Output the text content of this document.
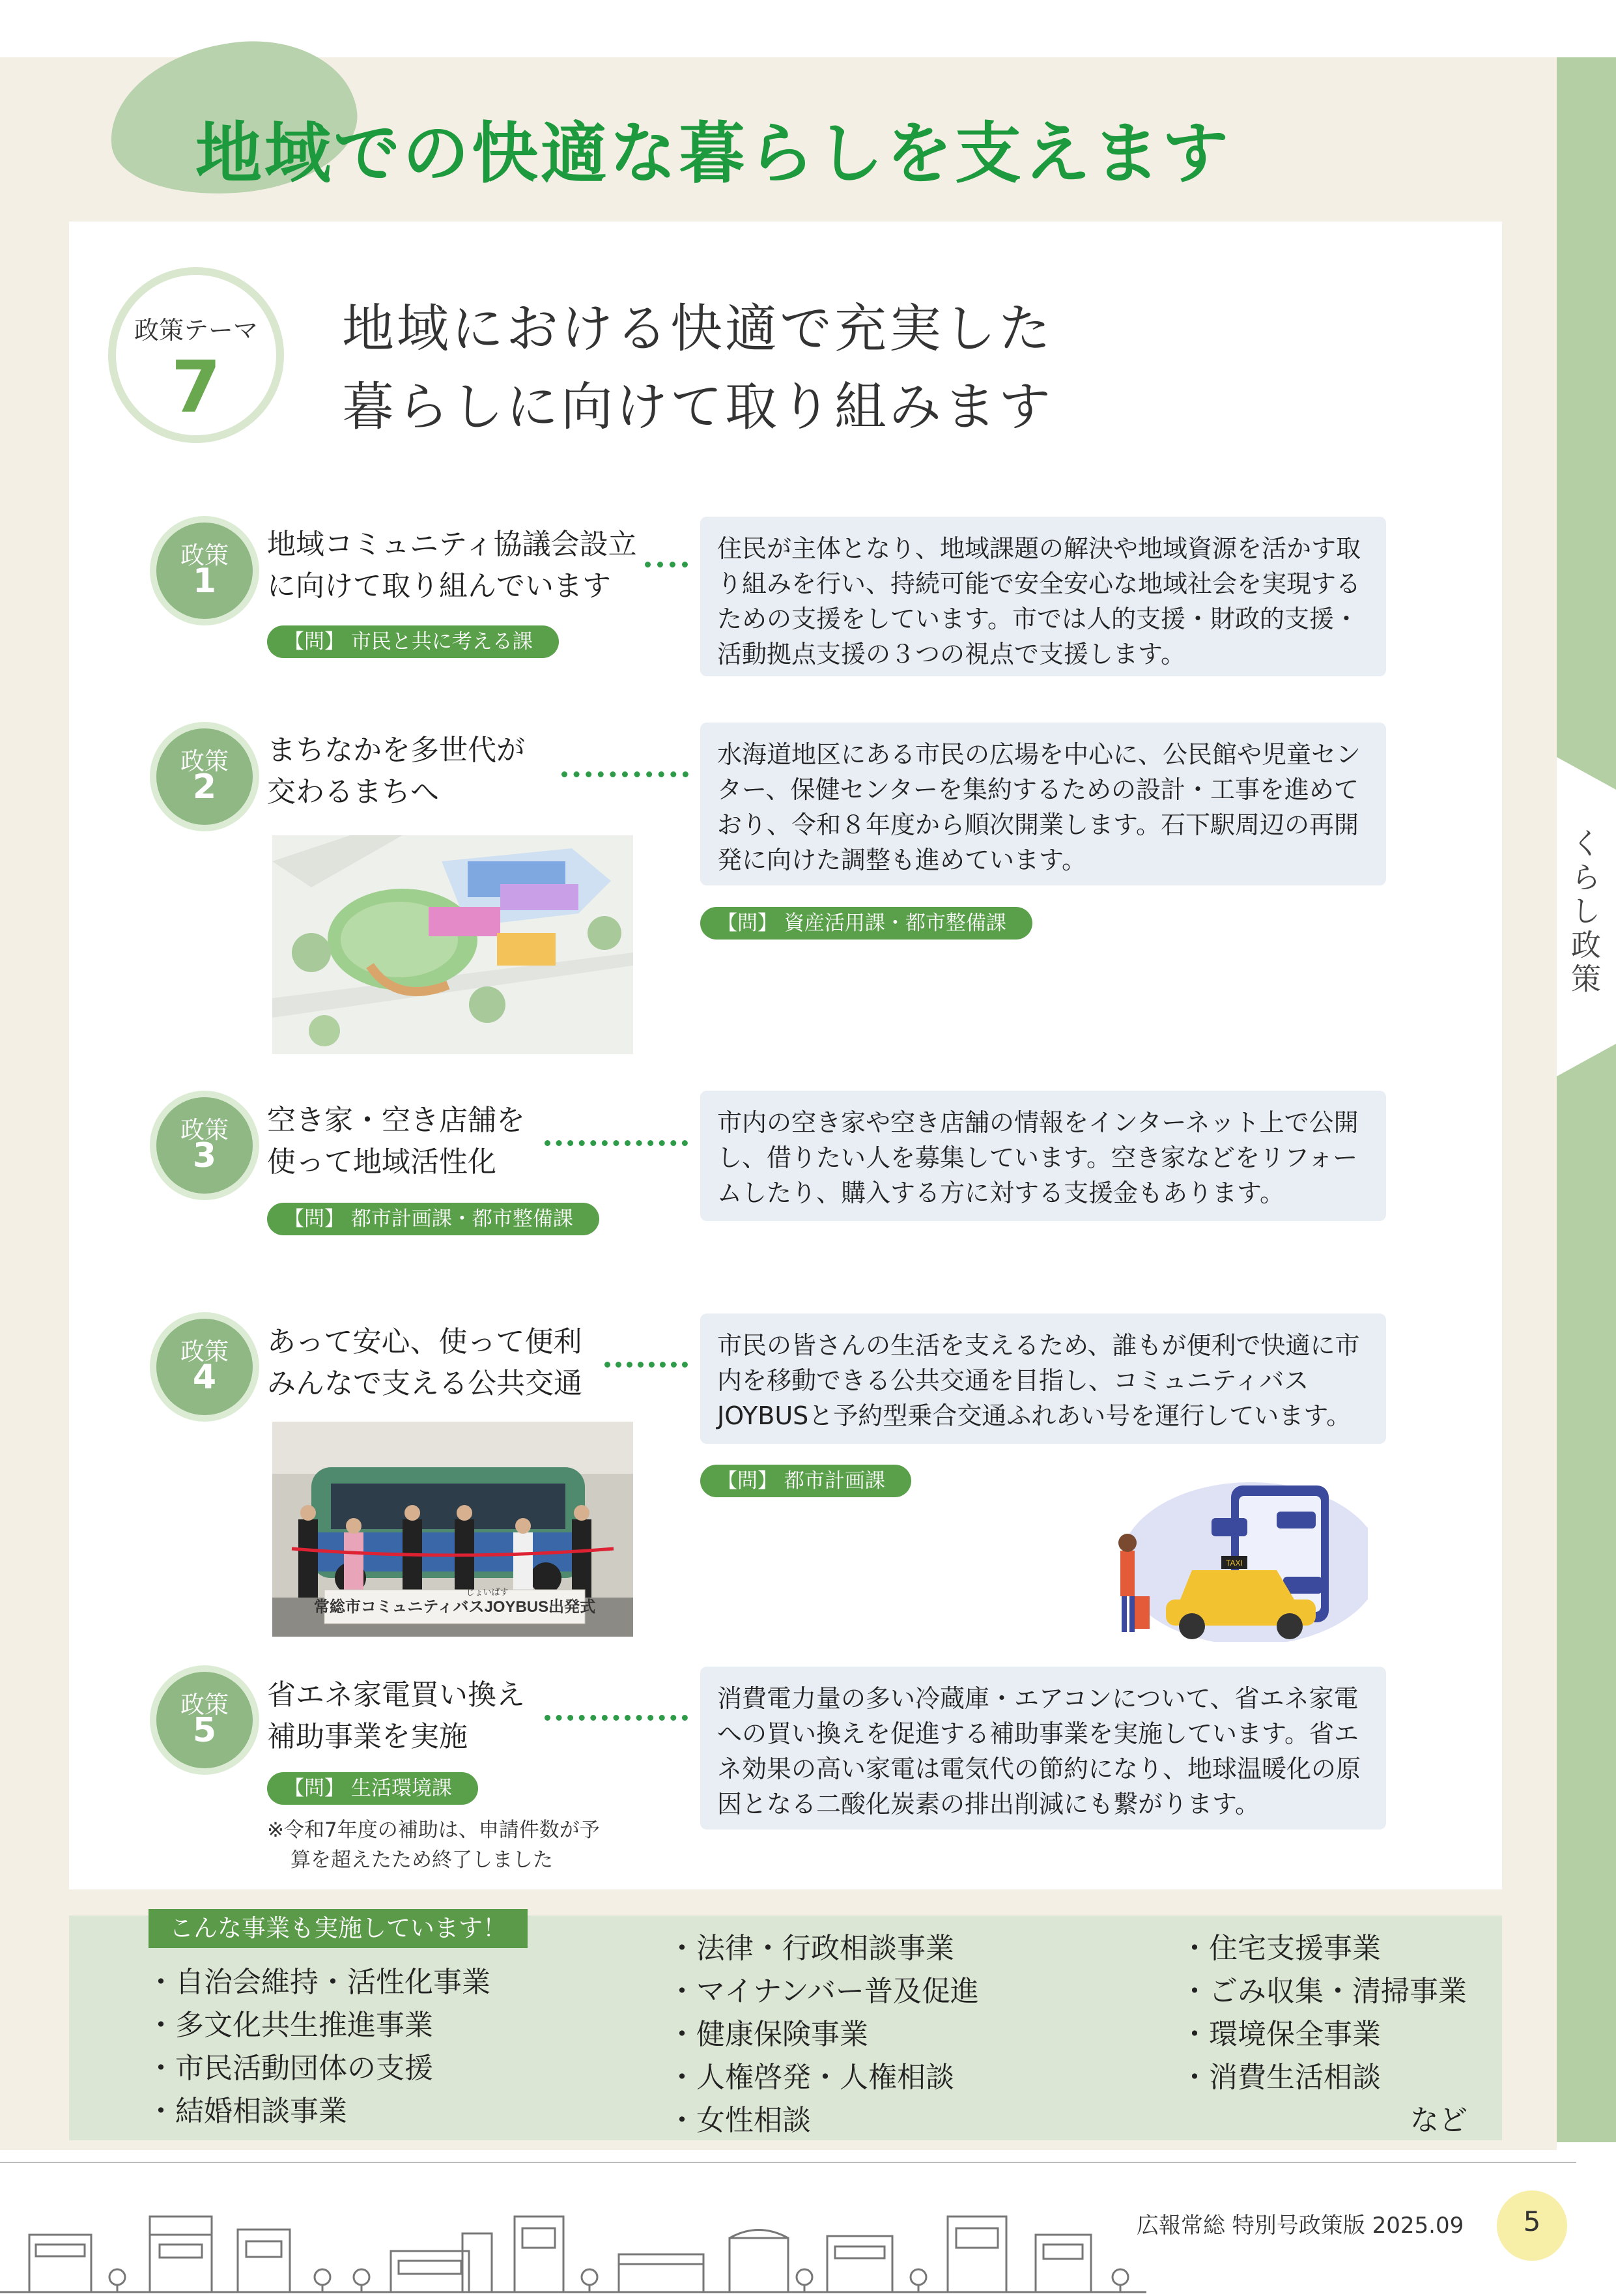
くらし政策
地域での快適な暮らしを支えます
政策テーマ
7
地域における快適で充実した
暮らしに向けて取り組みます
政策
1
地域コミュニティ協議会設立
に向けて取り組んでいます
【問】 市民と共に考える課
住民が主体となり、地域課題の解決や地域資源を活かす取り組みを行い、持続可能で安全安心な地域社会を実現するための支援をしています。市では人的支援・財政的支援・活動拠点支援の３つの視点で支援します。
政策
2
まちなかを多世代が
交わるまちへ
水海道地区にある市民の広場を中心に、公民館や児童センター、保健センターを集約するための設計・工事を進めており、令和８年度から順次開業します。石下駅周辺の再開発に向けた調整も進めています。
【問】 資産活用課・都市整備課
政策
3
空き家・空き店舗を
使って地域活性化
【問】 都市計画課・都市整備課
市内の空き家や空き店舗の情報をインターネット上で公開し、借りたい人を募集しています。空き家などをリフォームしたり、購入する方に対する支援金もあります。
政策
4
あって安心、使って便利
みんなで支える公共交通
市民の皆さんの生活を支えるため、誰もが便利で快適に市内を移動できる公共交通を目指し、コミュニティバスJOYBUSと予約型乗合交通ふれあい号を運行しています。
【問】 都市計画課
常総市コミュニティバスJOYBUS出発式
じょいばす
TAXI
政策
5
省エネ家電買い換え
補助事業を実施
【問】 生活環境課
※令和7年度の補助は、申請件数が予
算を超えたため終了しました
消費電力量の多い冷蔵庫・エアコンについて、省エネ家電への買い換えを促進する補助事業を実施しています。省エネ効果の高い家電は電気代の節約になり、地球温暖化の原因となる二酸化炭素の排出削減にも繋がります。
こんな事業も実施しています！
・自治会維持・活性化事業
・多文化共生推進事業
・市民活動団体の支援
・結婚相談事業
・法律・行政相談事業
・マイナンバー普及促進
・健康保険事業
・人権啓発・人権相談
・女性相談
・住宅支援事業
・ごみ収集・清掃事業
・環境保全事業
・消費生活相談
など
広報常総 特別号政策版 2025.09	5
